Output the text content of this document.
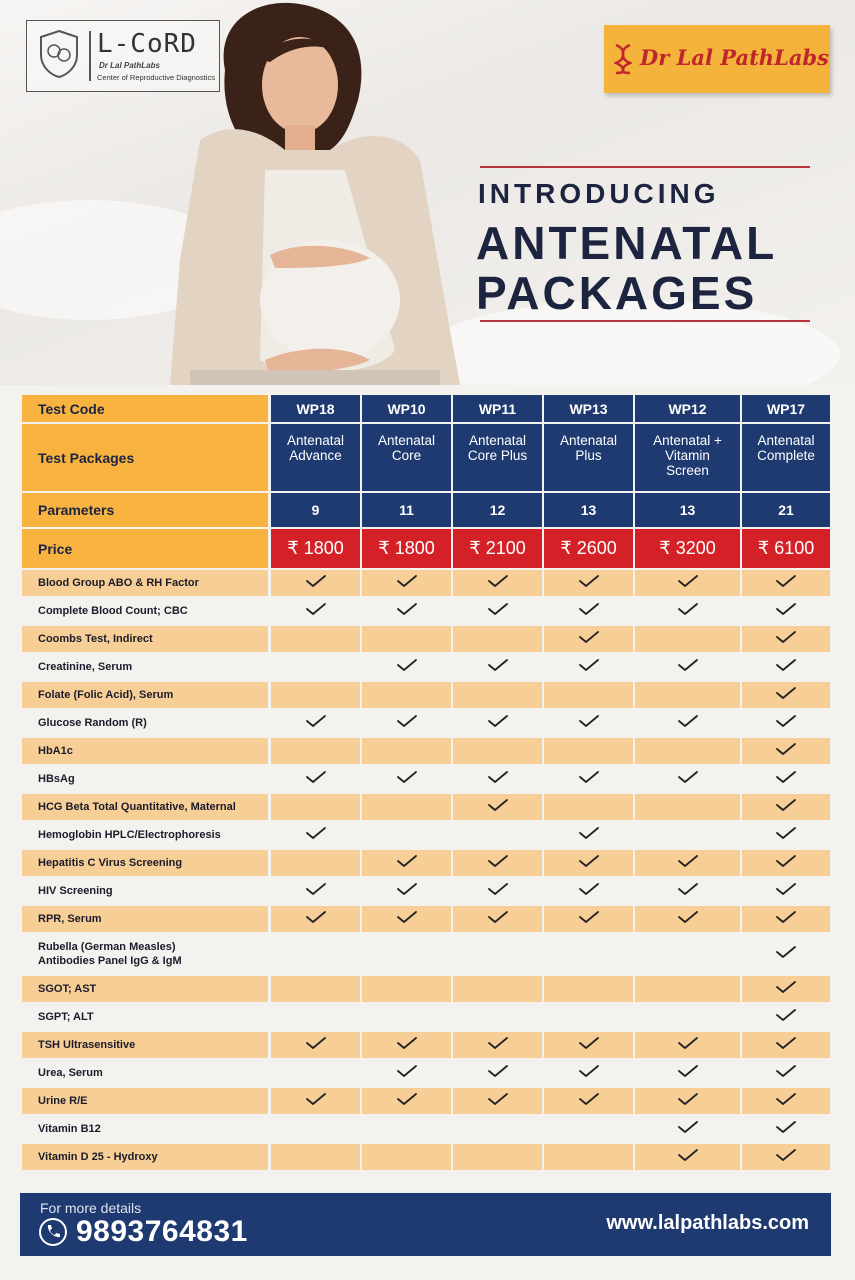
L-CoRD
Dr Lal PathLabs
Center of Reproductive Diagnostics
Dr Lal PathLabs
INTRODUCING
ANTENATAL
PACKAGES
Test Code
Test Packages
Parameters
Price
WP18
Antenatal
Advance
9
₹ 1800
WP10
Antenatal
Core
11
₹ 1800
WP11
Antenatal
Core Plus
12
₹ 2100
WP13
Antenatal
Plus
13
₹ 2600
WP12
Antenatal +
Vitamin
Screen
13
₹ 3200
WP17
Antenatal
Complete
21
₹ 6100
Blood Group ABO & RH Factor
Complete Blood Count; CBC
Coombs Test, Indirect
Creatinine, Serum
Folate (Folic Acid), Serum
Glucose Random (R)
HbA1c
HBsAg
HCG Beta Total Quantitative, Maternal
Hemoglobin HPLC/Electrophoresis
Hepatitis C Virus Screening
HIV Screening
RPR, Serum
Rubella (German Measles)
Antibodies Panel IgG & IgM
SGOT; AST
SGPT; ALT
TSH Ultrasensitive
Urea, Serum
Urine R/E
Vitamin B12
Vitamin D 25 - Hydroxy
For more details
9893764831	www.lalpathlabs.com
